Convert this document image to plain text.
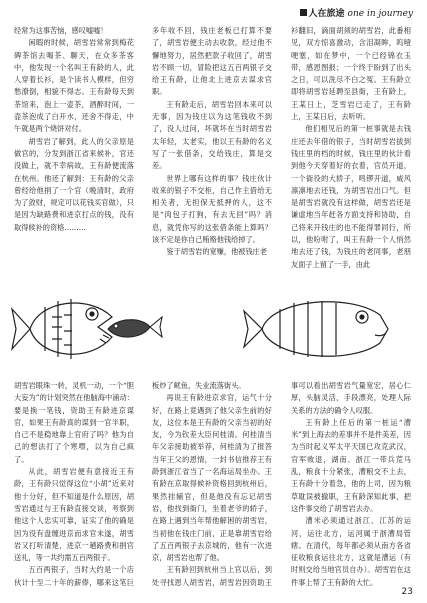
人在旅途 one in journey

经常为这事苦恼，感叹嘘嘘！

闲暇的时候，胡雪岩常常到梅花碑茶馆去喝茶、聊天，在众多茶客中，他发现一个名叫王有龄的人，此人穿着长衫，是个读书人模样，但穷愁潦倒，相貌不得志。王有龄每天到茶馆来，泡上一壶茶，酒醉时间，一壶茶泡成了白开水，还舍不得走，中午就是两个烧饼对付。

胡雪岩了解到，此人的父亲原是做官的，分发到浙江省来候补，官还没做上，就不幸病故，王有龄便流落在杭州。他还了解到：王有龄的父亲曾经给他捐了一个官（晚清时，政府为了敛财，规定可以花钱买官做），只是因为缺路费和进京打点的钱，没有取得候补的资格………

多年收不回，钱庄老板已打算不要了，胡雪岩便主动去收款，经过他不懈地努力，居然把款子收回了，胡雪岩不顾一切，冒险把这五百两银子交给王有龄，让他北上进京去谋求官职。

王有龄走后，胡雪岩回本来可以无事，因为钱庄以为这笔钱收不到了，没人过问，坏就坏在当时胡雪岩太年轻，太老实，他以王有龄的名义写了一张借条，交给钱庄，算是交差。

世界上哪有这样的事？钱庄伙计收来的银子不交柜，自己作主借给无相关者，无担保无抵押的人，这不是“肉包子打狗，有去无回”吗？消息，就凭你写的这张借条能上算吗？该不定是你自己贿赂他钱给掉了。

鉴于胡雪岩的宽赚，他被钱庄老

衫翻旧，滴面胡须的胡雪岩，此番相见，双方惊喜激动，含泪凝眸，呜噎哽塞，如在梦中，一个已经锦衣玉带，感恩图报；一个终于盼到了出头之日，可以洗尽不白之冤。王有龄立即将胡雪岩延聘至县衙，王有龄上，王某日上，芝雪岩已走了，王有龄上，王某日后，去听听。

他们相见后的第一桩事就是去钱庄还去年借的银子，当时胡雪岩拔到钱庄里的档的时候，钱庄里的伙计看到他今天穿着好的衣着，官员开道，一个衙役的大轿子，鸣锣开道，威风凛凛地去还钱，为胡雪岩出口气。但是胡雪岩就没有这样做，胡雪岩还是谦虚地当年赶各方面支持和协助，自己将来开钱庄的也不能得罪同行，所以，他吩咐了，叫王有龄一个人悄然地去还了钱，为钱庄的老同事，老朋友面子上留了一手，由此

胡雪岩眼珠一转，灵机一动，一个“胆大妄为”的计划突然在他脑海中涌动：要是换一笔钱，资助王有龄进京谋官，如果王有龄真的谋到一官半职，自己不是稳地靠上官府了吗？他为自己的想法打了个寒噤，以为自己疯了。

从此，胡雪岩便有意接近王有龄，王有龄只觉得这位“小胡”近来对他十分好，但不知道是什么原因，胡雪岩通过与王有龄直接交谈，考察到他这个人忠实可靠，证实了他的确是因为没有盘缠进京而求官未遂，胡雪岩又打听清楚，进京一趟路费和捐官送礼，等一共约需五百两银子。

五百两银子，当时大约是一个店伙计十至二十年的薪俸，哪来这笔巨

板炒了鱿鱼，失业流落街头。

再说王有龄进京求官，运气十分好，在路上竟遇到了他父亲生前的好友，这位本是王有龄的父亲当初的好友，今为钦差大臣何桂清。何桂清当年父亲接助被举荐，何桂清为了报答当年王父的恩情，一封书信推荐王有龄到浙江省当了一名海运局坐办。王有龄在京取得候补资格回到杭州后，果然挂辅官，但是他没有忘记胡雪岩，他找到衙门，坐着老爷的轿子，在路上遇到当年帮他解困的胡雪岩，当初他在钱庄门前，正是靠胡雪岩给了五百两银子去京城的，他有一次进京，胡雪岩也帮了他。

王有龄回到杭州当上官以后，到处寻找恩人胡雪岩，胡雪岩因资助王

事可以看出胡雪岩气量宽宏，居心仁厚，头脑灵活，手段漂亮，处理人际关系的方法的确令人叹服。

王有龄上任后的第一桩运“漕米”到上海去的差事并不是件美差，因为当时起义军太平天国已攻克武汉，官军败退，湖南、浙江一带兵荒马乱，粮食十分紧张，漕粮交不上去，王有龄十分着急，他的上司，因为粮草耽误被撤职，王有龄深知此事，把这件事交给了胡雪岩去办。

漕米必须通过浙江、江苏的运河，运往北方，运河属于浙漕局管辖。在清代，每年都必须从南方各省征收粮食运往北方，这就是漕运（有时则交给当地官员自办）。胡雪岩在这件事上帮了王有龄的大忙。

23
